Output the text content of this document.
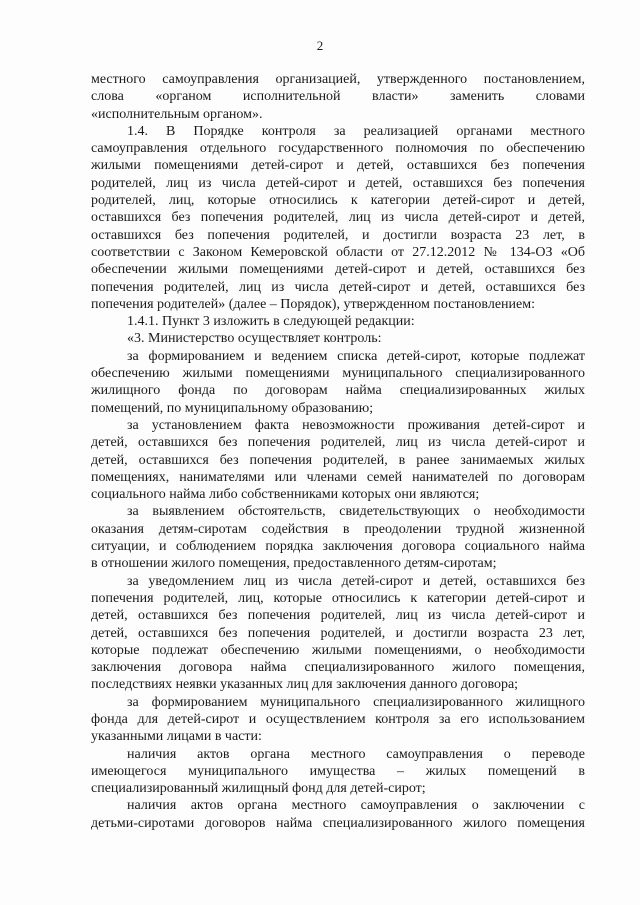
2
местного самоуправления организацией, утвержденного постановлением,
слова «органом исполнительной власти» заменить словами
«исполнительным органом».
1.4. В Порядке контроля за реализацией органами местного
самоуправления отдельного государственного полномочия по обеспечению
жилыми помещениями детей-сирот и детей, оставшихся без попечения
родителей, лиц из числа детей-сирот и детей, оставшихся без попечения
родителей, лиц, которые относились к категории детей-сирот и детей,
оставшихся без попечения родителей, лиц из числа детей-сирот и детей,
оставшихся без попечения родителей, и достигли возраста 23 лет, в
соответствии с Законом Кемеровской области от 27.12.2012 № 134-ОЗ «Об
обеспечении жилыми помещениями детей-сирот и детей, оставшихся без
попечения родителей, лиц из числа детей-сирот и детей, оставшихся без
попечения родителей» (далее – Порядок), утвержденном постановлением:
1.4.1. Пункт 3 изложить в следующей редакции:
«3. Министерство осуществляет контроль:
за формированием и ведением списка детей-сирот, которые подлежат
обеспечению жилыми помещениями муниципального специализированного
жилищного фонда по договорам найма специализированных жилых
помещений, по муниципальному образованию;
за установлением факта невозможности проживания детей-сирот и
детей, оставшихся без попечения родителей, лиц из числа детей-сирот и
детей, оставшихся без попечения родителей, в ранее занимаемых жилых
помещениях, нанимателями или членами семей нанимателей по договорам
социального найма либо собственниками которых они являются;
за выявлением обстоятельств, свидетельствующих о необходимости
оказания детям-сиротам содействия в преодолении трудной жизненной
ситуации, и соблюдением порядка заключения договора социального найма
в отношении жилого помещения, предоставленного детям-сиротам;
за уведомлением лиц из числа детей-сирот и детей, оставшихся без
попечения родителей, лиц, которые относились к категории детей-сирот и
детей, оставшихся без попечения родителей, лиц из числа детей-сирот и
детей, оставшихся без попечения родителей, и достигли возраста 23 лет,
которые подлежат обеспечению жилыми помещениями, о необходимости
заключения договора найма специализированного жилого помещения,
последствиях неявки указанных лиц для заключения данного договора;
за формированием муниципального специализированного жилищного
фонда для детей-сирот и осуществлением контроля за его использованием
указанными лицами в части:
наличия актов органа местного самоуправления о переводе
имеющегося муниципального имущества – жилых помещений в
специализированный жилищный фонд для детей-сирот;
наличия актов органа местного самоуправления о заключении с
детьми-сиротами договоров найма специализированного жилого помещения
